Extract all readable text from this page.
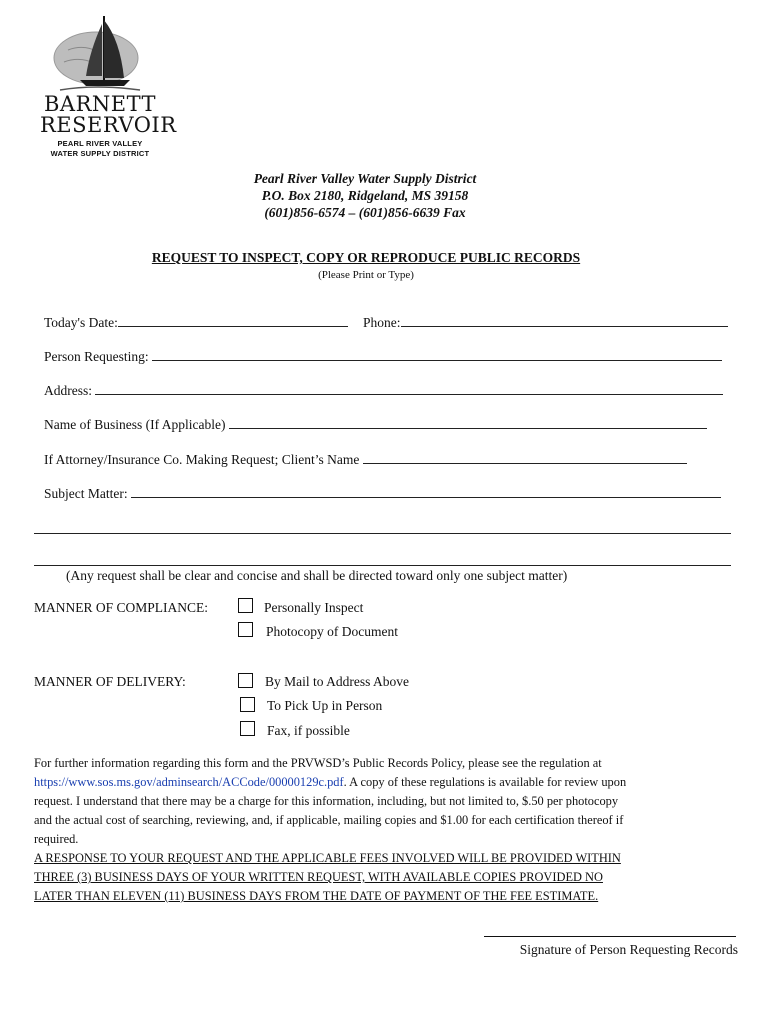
BARNETT
RESERVOIR
PEARL RIVER VALLEY
WATER SUPPLY DISTRICT
Pearl River Valley Water Supply District
P.O. Box 2180, Ridgeland, MS 39158
(601)856-6574 – (601)856-6639 Fax
REQUEST TO INSPECT, COPY OR REPRODUCE PUBLIC RECORDS
(Please Print or Type)
Today's Date:	Phone:
Person Requesting:
Address:
Name of Business (If Applicable)
If Attorney/Insurance Co. Making Request; Client’s Name
Subject Matter:
(Any request shall be clear and concise and shall be directed toward only one subject matter)
MANNER OF COMPLIANCE:	Personally Inspect
Photocopy of Document
MANNER OF DELIVERY:	By Mail to Address Above
To Pick Up in Person
Fax, if possible

For further information regarding this form and the PRVWSD’s Public Records Policy, please see the regulation at

https://www.sos.ms.gov/adminsearch/ACCode/00000129c.pdf. A copy of these regulations is available for review upon

request. I understand that there may be a charge for this information, including, but not limited to, $.50 per photocopy

and the actual cost of searching, reviewing, and, if applicable, mailing copies and $1.00 for each certification thereof if

required.

A RESPONSE TO YOUR REQUEST AND THE APPLICABLE FEES INVOLVED WILL BE PROVIDED WITHIN
THREE (3) BUSINESS DAYS OF YOUR WRITTEN REQUEST, WITH AVAILABLE COPIES PROVIDED NO
LATER THAN ELEVEN (11) BUSINESS DAYS FROM THE DATE OF PAYMENT OF THE FEE ESTIMATE.
Signature of Person Requesting Records
